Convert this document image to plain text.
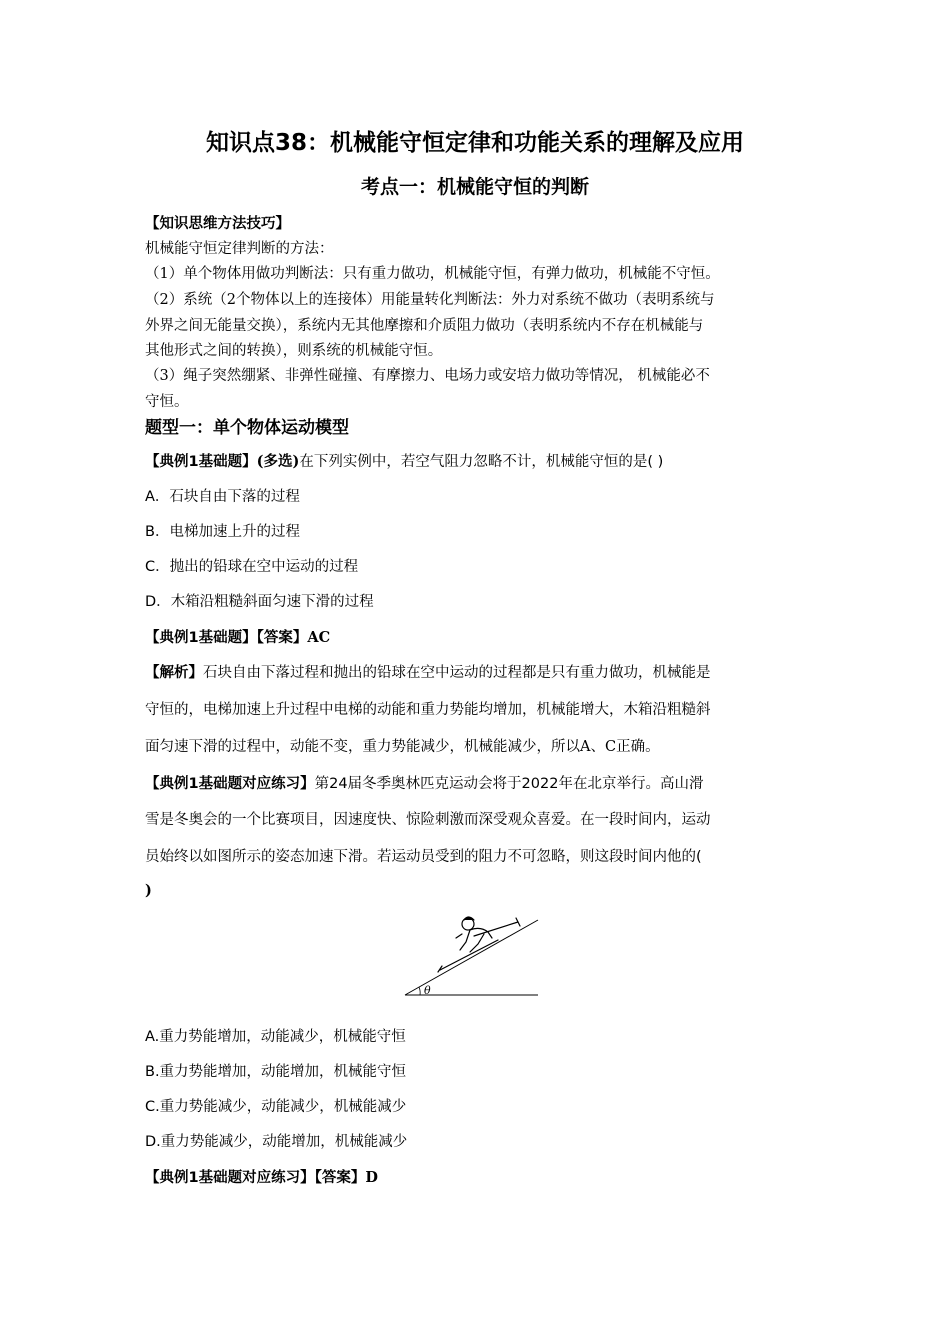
知识点38：机械能守恒定律和功能关系的理解及应用
考点一：机械能守恒的判断
【知识思维方法技巧】
机械能守恒定律判断的方法：
（1）单个物体用做功判断法：只有重力做功，机械能守恒，有弹力做功，机械能不守恒。
（2）系统（2个物体以上的连接体）用能量转化判断法：外力对系统不做功（表明系统与
外界之间无能量交换），系统内无其他摩擦和介质阻力做功（表明系统内不存在机械能与
其他形式之间的转换），则系统的机械能守恒。
（3）绳子突然绷紧、非弹性碰撞、有摩擦力、电场力或安培力做功等情况， 机械能必不
守恒。
题型一：单个物体运动模型
【典例1基础题】(多选)在下列实例中，若空气阻力忽略不计，机械能守恒的是( )
A．石块自由下落的过程
B．电梯加速上升的过程
C．抛出的铅球在空中运动的过程
D．木箱沿粗糙斜面匀速下滑的过程
【典例1基础题】【答案】AC
【解析】石块自由下落过程和抛出的铅球在空中运动的过程都是只有重力做功，机械能是
守恒的，电梯加速上升过程中电梯的动能和重力势能均增加，机械能增大，木箱沿粗糙斜
面匀速下滑的过程中，动能不变，重力势能减少，机械能减少，所以A、C正确。
【典例1基础题对应练习】第24届冬季奥林匹克运动会将于2022年在北京举行。高山滑
雪是冬奥会的一个比赛项目，因速度快、惊险刺激而深受观众喜爱。在一段时间内，运动
员始终以如图所示的姿态加速下滑。若运动员受到的阻力不可忽略，则这段时间内他的(
)
θ
A.重力势能增加，动能减少，机械能守恒
B.重力势能增加，动能增加，机械能守恒
C.重力势能减少，动能减少，机械能减少
D.重力势能减少，动能增加，机械能减少
【典例1基础题对应练习】【答案】D
